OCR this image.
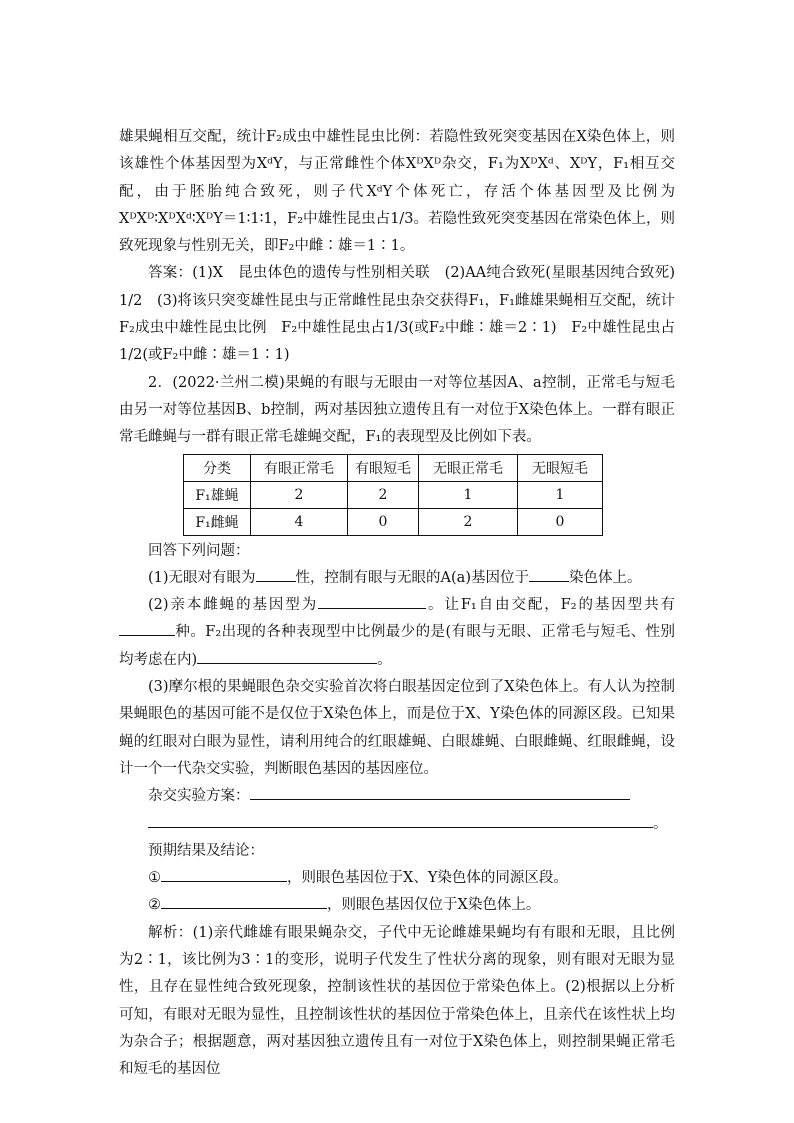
雄果蝇相互交配，统计F₂成虫中雄性昆虫比例：若隐性致死突变基因在X染色体上，则该雄性个体基因型为XᵈY，与正常雌性个体XᴰXᴰ杂交，F₁为XᴰXᵈ、XᴰY，F₁相互交配，由于胚胎纯合致死，则子代XᵈY个体死亡，存活个体基因型及比例为XᴰXᴰ∶XᴰXᵈ∶XᴰY＝1∶1∶1，F₂中雄性昆虫占1/3。若隐性致死突变基因在常染色体上，则致死现象与性别无关，即F₂中雌∶雄＝1∶1。

答案：(1)X　昆虫体色的遗传与性别相关联　(2)AA纯合致死(星眼基因纯合致死)　1/2　(3)将该只突变雄性昆虫与正常雌性昆虫杂交获得F₁，F₁雌雄果蝇相互交配，统计F₂成虫中雄性昆虫比例　F₂中雄性昆虫占1/3(或F₂中雌∶雄＝2∶1)　F₂中雄性昆虫占1/2(或F₂中雌∶雄＝1∶1)

2．(2022·兰州二模)果蝇的有眼与无眼由一对等位基因A、a控制，正常毛与短毛由另一对等位基因B、b控制，两对基因独立遗传且有一对位于X染色体上。一群有眼正常毛雌蝇与一群有眼正常毛雄蝇交配，F₁的表现型及比例如下表。

分类	有眼正常毛	有眼短毛	无眼正常毛	无眼短毛
F₁雄蝇	2	2	1	1
F₁雌蝇	4	0	2	0

回答下列问题：

(1)无眼对有眼为	性，控制有眼与无眼的A(a)基因位于	染色体上。

(2)亲本雌蝇的基因型为	。让F₁自由交配，F₂的基因型共有种。F₂出现的各种表现型中比例最少的是(有眼与无眼、正常毛与短毛、性别均考虑在内)	。

(3)摩尔根的果蝇眼色杂交实验首次将白眼基因定位到了X染色体上。有人认为控制果蝇眼色的基因可能不是仅位于X染色体上，而是位于X、Y染色体的同源区段。已知果蝇的红眼对白眼为显性，请利用纯合的红眼雄蝇、白眼雄蝇、白眼雌蝇、红眼雌蝇，设计一个一代杂交实验，判断眼色基因的基因座位。

杂交实验方案：

。

预期结果及结论：

①	，则眼色基因位于X、Y染色体的同源区段。

②	，则眼色基因仅位于X染色体上。

解析：(1)亲代雌雄有眼果蝇杂交，子代中无论雌雄果蝇均有有眼和无眼，且比例为2∶1，该比例为3∶1的变形，说明子代发生了性状分离的现象，则有眼对无眼为显性，且存在显性纯合致死现象，控制该性状的基因位于常染色体上。(2)根据以上分析可知，有眼对无眼为显性，且控制该性状的基因位于常染色体上，且亲代在该性状上均为杂合子；根据题意，两对基因独立遗传且有一对位于X染色体上，则控制果蝇正常毛和短毛的基因位
